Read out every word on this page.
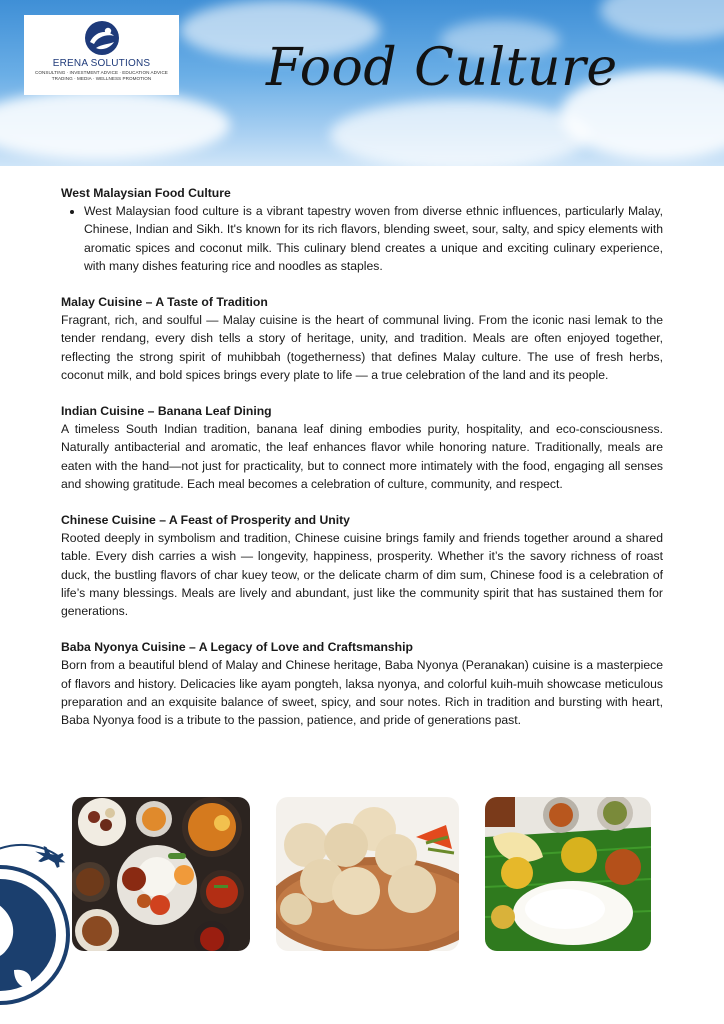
ERENA SOLUTIONS
CONSULTING · INVESTMENT ADVICE · EDUCATION ADVICE
TRADING · MEDIA · WELLNESS PROMOTION	Food Culture
West Malaysian Food Culture
• West Malaysian food culture is a vibrant tapestry woven from diverse ethnic influences, particularly Malay, Chinese, Indian and Sikh. It's known for its rich flavors, blending sweet, sour, salty, and spicy elements with aromatic spices and coconut milk. This culinary blend creates a unique and exciting culinary experience, with many dishes featuring rice and noodles as staples.
Malay Cuisine – A Taste of Tradition

Fragrant, rich, and soulful — Malay cuisine is the heart of communal living. From the iconic nasi lemak to the tender rendang, every dish tells a story of heritage, unity, and tradition. Meals are often enjoyed together, reflecting the strong spirit of muhibbah (togetherness) that defines Malay culture. The use of fresh herbs, coconut milk, and bold spices brings every plate to life — a true celebration of the land and its people.

Indian Cuisine – Banana Leaf Dining

A timeless South Indian tradition, banana leaf dining embodies purity, hospitality, and eco-consciousness. Naturally antibacterial and aromatic, the leaf enhances flavor while honoring nature. Traditionally, meals are eaten with the hand—not just for practicality, but to connect more intimately with the food, engaging all senses and showing gratitude. Each meal becomes a celebration of culture, community, and respect.

Chinese Cuisine – A Feast of Prosperity and Unity

Rooted deeply in symbolism and tradition, Chinese cuisine brings family and friends together around a shared table. Every dish carries a wish — longevity, happiness, prosperity. Whether it’s the savory richness of roast duck, the bustling flavors of char kuey teow, or the delicate charm of dim sum, Chinese food is a celebration of life’s many blessings. Meals are lively and abundant, just like the community spirit that has sustained them for generations.

Baba Nyonya Cuisine – A Legacy of Love and Craftsmanship

Born from a beautiful blend of Malay and Chinese heritage, Baba Nyonya (Peranakan) cuisine is a masterpiece of flavors and history. Delicacies like ayam pongteh, laksa nyonya, and colorful kuih-muih showcase meticulous preparation and an exquisite balance of sweet, spicy, and sour notes. Rich in tradition and bursting with heart, Baba Nyonya food is a tribute to the passion, patience, and pride of generations past.
